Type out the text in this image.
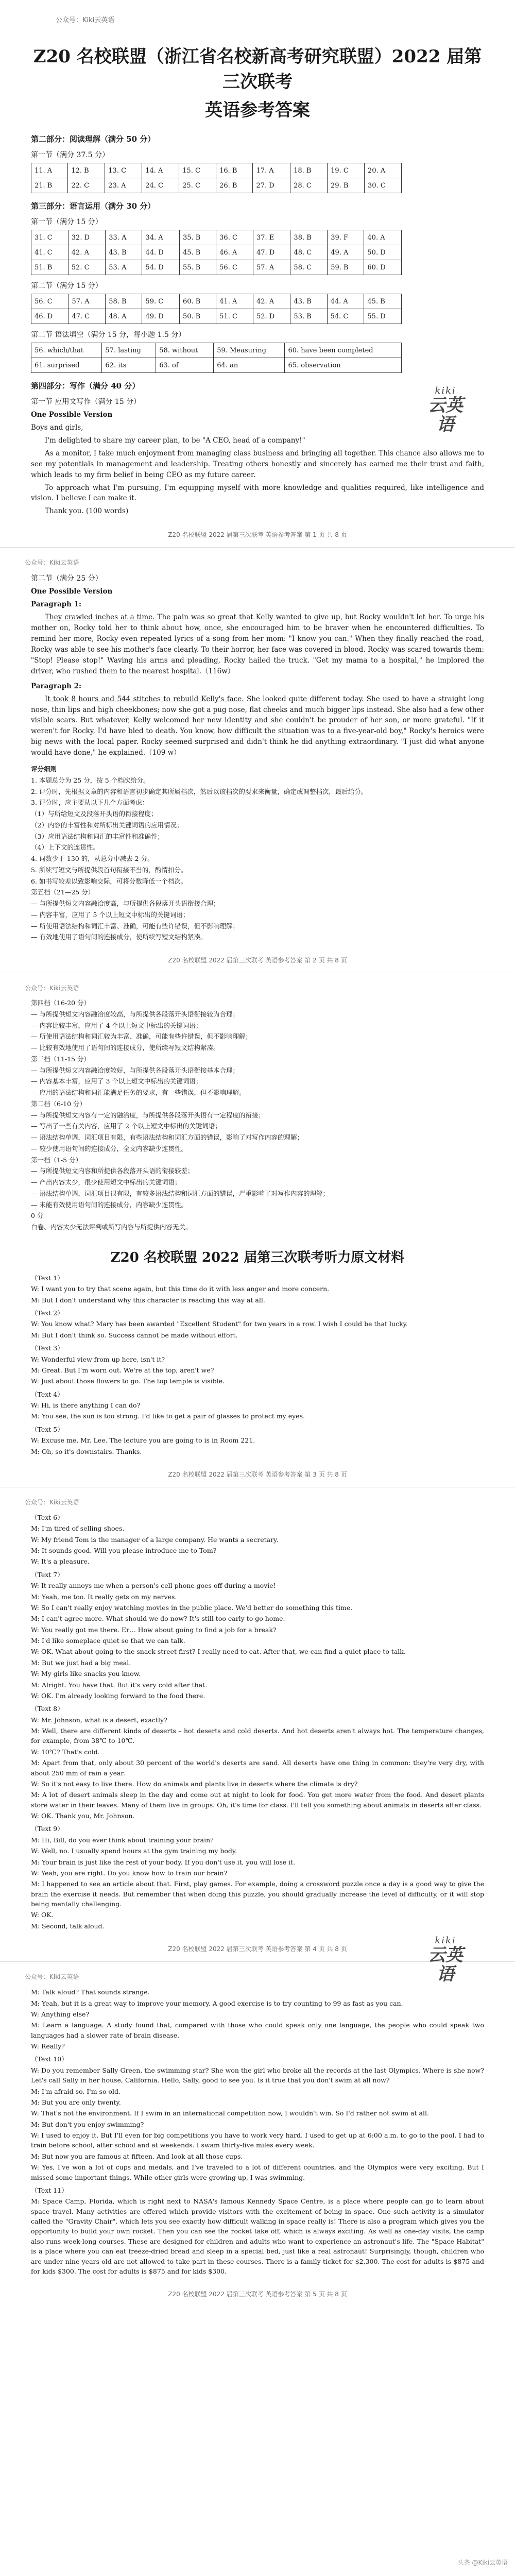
公众号：Kiki云英语
Z20 名校联盟（浙江省名校新高考研究联盟）2022 届第三次联考
英语参考答案
第二部分：阅读理解（满分 50 分）
第一节（满分 37.5 分）
11. A	12. B	13. C	14. A	15. C	16. B	17. A	18. B	19. C	20. A
21. B	22. C	23. A	24. C	25. C	26. B	27. D	28. C	29. B	30. C
第三部分：语言运用（满分 30 分）
第一节（满分 15 分）
31. C	32. D	33. A	34. A	35. B	36. C	37. E	38. B	39. F	40. A
41. C	42. A	43. B	44. D	45. B	46. A	47. D	48. C	49. A	50. D
51. B	52. C	53. A	54. D	55. B	56. C	57. A	58. C	59. B	60. D
第二节（满分 15 分）
56. C	57. A	58. B	59. C	60. B	41. A	42. A	43. B	44. A	45. B
46. D	47. C	48. A	49. D	50. B	51. C	52. D	53. B	54. C	55. D
第二节 语法填空（满分 15 分，每小题 1.5 分）
56. which/that	57. lasting	58. without	59. Measuring	60. have been completed
61. surprised	62. its	63. of	64. an	65. observation
kiki
云英语
第四部分：写作（满分 40 分）
第一节 应用文写作（满分 15 分）

One Possible Version

Boys and girls,

I'm delighted to share my career plan, to be "A CEO, head of a company!"

As a monitor, I take much enjoyment from managing class business and bringing all together. This chance also allows me to see my potentials in management and leadership. Treating others honestly and sincerely has earned me their trust and faith, which leads to my firm belief in being CEO as my future career.

To approach what I'm pursuing, I'm equipping myself with more knowledge and qualities required, like intelligence and vision. I believe I can make it.

Thank you. (100 words)

Z20 名校联盟 2022 届第三次联考 英语参考答案 第 1 页 共 8 页
公众号：Kiki云英语
第二节（满分 25 分）

One Possible Version

Paragraph 1:

They crawled inches at a time. The pain was so great that Kelly wanted to give up, but Rocky wouldn't let her. To urge his mother on, Rocky told her to think about how, once, she encouraged him to be braver when he encountered difficulties. To remind her more, Rocky even repeated lyrics of a song from her mom: "I know you can." When they finally reached the road, Rocky was able to see his mother's face clearly. To their horror, her face was covered in blood. Rocky was scared towards them: "Stop! Please stop!" Waving his arms and pleading, Rocky hailed the truck. "Get my mama to a hospital," he implored the driver, who rushed them to the nearest hospital.（116w）

Paragraph 2:

It took 8 hours and 544 stitches to rebuild Kelly's face. She looked quite different today. She used to have a straight long nose, thin lips and high cheekbones; now she got a pug nose, flat cheeks and much bigger lips instead. She also had a few other visible scars. But whatever, Kelly welcomed her new identity and she couldn't be prouder of her son, or more grateful. "If it weren't for Rocky, I'd have bled to death. You know, how difficult the situation was to a five-year-old boy," Rocky's heroics were big news with the local paper. Rocky seemed surprised and didn't think he did anything extraordinary. "I just did what anyone would have done," he explained.（109 w）

评分细则

1. 本题总分为 25 分，按 5 个档次给分。

2. 评分时，先根据文章的内容和语言初步确定其所属档次，然后以该档次的要求来衡量，确定或调整档次，最后给分。

3. 评分时，应主要从以下几个方面考虑：

（1）与所给短文及段落开头语的衔接程度；

（2）内容的丰富性和对所标出关键词语的应用情况；

（3）应用语法结构和词汇的丰富性和准确性；

（4）上下文的连贯性。

4. 词数少于 130 的，从总分中减去 2 分。

5. 所续写短文与所提供段首句衔接不当的，酌情扣分。

6. 如书写较差以致影响交际，可将分数降低一个档次。

第五档（21—25 分）

— 与所提供短文内容融洽度高，与所提供各段落开头语衔接合理；

— 内容丰富，应用了 5 个以上短文中标出的关键词语；

— 所使用语法结构和词汇丰富、准确，可能有些许错误，但不影响理解；

— 有效地使用了语句间的连接成分，使所续写短文结构紧凑。

Z20 名校联盟 2022 届第三次联考 英语参考答案 第 2 页 共 8 页
公众号：Kiki云英语

第四档（16-20 分）

— 与所提供短文内容融洽度较高，与所提供各段落开头语衔接较为合理；

— 内容比较丰富，应用了 4 个以上短文中标出的关键词语；

— 所使用语法结构和词汇较为丰富、准确，可能有些许错误，但不影响理解；

— 比较有效地使用了语句间的连接成分，使所续写短文结构紧凑。

第三档（11-15 分）

— 与所提供短文内容融洽度较好，与所提供各段落开头语衔接基本合理；

— 内容基本丰富，应用了 3 个以上短文中标出的关键词语；

— 应用的语法结构和词汇能满足任务的要求，有一些错误，但不影响理解。

第二档（6-10 分）

— 与所提供短文内容有一定的融洽度，与所提供各段落开头语有一定程度的衔接；

— 写出了一些有关内容，应用了 2 个以上短文中标出的关键词语；

— 语法结构单调，词汇项目有限，有些语法结构和词汇方面的错误，影响了对写作内容的理解；

— 较少使用语句间的连接成分，全文内容缺少连贯性。

第一档（1-5 分）

— 与所提供短文内容和所提供各段落开头语的衔接较差；

— 产出内容太少，很少使用短文中标出的关键词语；

— 语法结构单调，词汇项目很有限，有较多语法结构和词汇方面的错误，严重影响了对写作内容的理解；

— 未能有效使用语句间的连接成分，内容缺少连贯性。

0 分

白卷、内容太少无法评判或所写内容与所提供内容无关。

Z20 名校联盟 2022 届第三次联考听力原文材料

（Text 1）

W: I want you to try that scene again, but this time do it with less anger and more concern.

M: But I don't understand why this character is reacting this way at all.

（Text 2）

W: You know what? Mary has been awarded "Excellent Student" for two years in a row. I wish I could be that lucky.

M: But I don't think so. Success cannot be made without effort.

（Text 3）

W: Wonderful view from up here, isn't it?

M: Great. But I'm worn out. We're at the top, aren't we?

W: Just about those flowers to go. The top temple is visible.

（Text 4）

W: Hi, is there anything I can do?

M: You see, the sun is too strong. I'd like to get a pair of glasses to protect my eyes.

（Text 5）

W: Excuse me, Mr. Lee. The lecture you are going to is in Room 221.

M: Oh, so it's downstairs. Thanks.

Z20 名校联盟 2022 届第三次联考 英语参考答案 第 3 页 共 8 页
公众号：Kiki云英语
kiki
云英语

（Text 6）

M: I'm tired of selling shoes.

W: My friend Tom is the manager of a large company. He wants a secretary.

M: It sounds good. Will you please introduce me to Tom?

W: It's a pleasure.

（Text 7）

W: It really annoys me when a person's cell phone goes off during a movie!

M: Yeah, me too. It really gets on my nerves.

W: So I can't really enjoy watching movies in the public place. We'd better do something this time.

M: I can't agree more. What should we do now? It's still too early to go home.

W: You really got me there. Er… How about going to find a job for a break?

M: I'd like someplace quiet so that we can talk.

W: OK. What about going to the snack street first? I really need to eat. After that, we can find a quiet place to talk.

M: But we just had a big meal.

W: My girls like snacks you know.

M: Alright. You have that. But it's very cold after that.

W: OK. I'm already looking forward to the food there.

（Text 8）

W: Mr. Johnson, what is a desert, exactly?

M: Well, there are different kinds of deserts – hot deserts and cold deserts. And hot deserts aren't always hot. The temperature changes, for example, from 38℃ to 10℃.

W: 10℃? That's cold.

M: Apart from that, only about 30 percent of the world's deserts are sand. All deserts have one thing in common: they're very dry, with about 250 mm of rain a year.

W: So it's not easy to live there. How do animals and plants live in deserts where the climate is dry?

M: A lot of desert animals sleep in the day and come out at night to look for food. You get more water from the food. And desert plants store water in their leaves. Many of them live in groups. Oh, it's time for class. I'll tell you something about animals in deserts after class.

W: OK. Thank you, Mr. Johnson.

（Text 9）

M: Hi, Bill, do you ever think about training your brain?

W: Well, no. I usually spend hours at the gym training my body.

M: Your brain is just like the rest of your body. If you don't use it, you will lose it.

W: Yeah, you are right. Do you know how to train our brain?

M: I happened to see an article about that. First, play games. For example, doing a crossword puzzle once a day is a good way to give the brain the exercise it needs. But remember that when doing this puzzle, you should gradually increase the level of difficulty, or it will stop being mentally challenging.

W: OK.

M: Second, talk aloud.

Z20 名校联盟 2022 届第三次联考 英语参考答案 第 4 页 共 8 页
公众号：Kiki云英语

M: Talk aloud? That sounds strange.

M: Yeah, but it is a great way to improve your memory. A good exercise is to try counting to 99 as fast as you can.

W: Anything else?

M: Learn a language. A study found that, compared with those who could speak only one language, the people who could speak two languages had a slower rate of brain disease.

W: Really?

（Text 10）

W: Do you remember Sally Green, the swimming star? She won the girl who broke all the records at the last Olympics. Where is she now? Let's call Sally in her house, California. Hello, Sally, good to see you. Is it true that you don't swim at all now?

M: I'm afraid so. I'm so old.

M: But you are only twenty.

W: That's not the environment. If I swim in an international competition now, I wouldn't win. So I'd rather not swim at all.

M: But don't you enjoy swimming?

W: I used to enjoy it. But I'll even for big competitions you have to work very hard. I used to get up at 6:00 a.m. to go to the pool. I had to train before school, after school and at weekends. I swam thirty-five miles every week.

M: But now you are famous at fifteen. And look at all those cups.

W: Yes, I've won a lot of cups and medals, and I've traveled to a lot of different countries, and the Olympics were very exciting. But I missed some important things. While other girls were growing up, I was swimming.

（Text 11）

M: Space Camp, Florida, which is right next to NASA's famous Kennedy Space Centre, is a place where people can go to learn about space travel. Many activities are offered which provide visitors with the excitement of being in space. One such activity is a simulator called the "Gravity Chair", which lets you see exactly how difficult walking in space really is! There is also a program which gives you the opportunity to build your own rocket. Then you can see the rocket take off, which is always exciting. As well as one-day visits, the camp also runs week-long courses. These are designed for children and adults who want to experience an astronaut's life. The "Space Habitat" is a place where you can eat freeze-dried bread and sleep in a special bed, just like a real astronaut! Surprisingly, though, children who are under nine years old are not allowed to take part in these courses. There is a family ticket for $2,300. The cost for adults is $875 and for kids $300. The cost for adults is $875 and for kids $300.

Z20 名校联盟 2022 届第三次联考 英语参考答案 第 5 页 共 8 页
头条 @Kiki云英语
